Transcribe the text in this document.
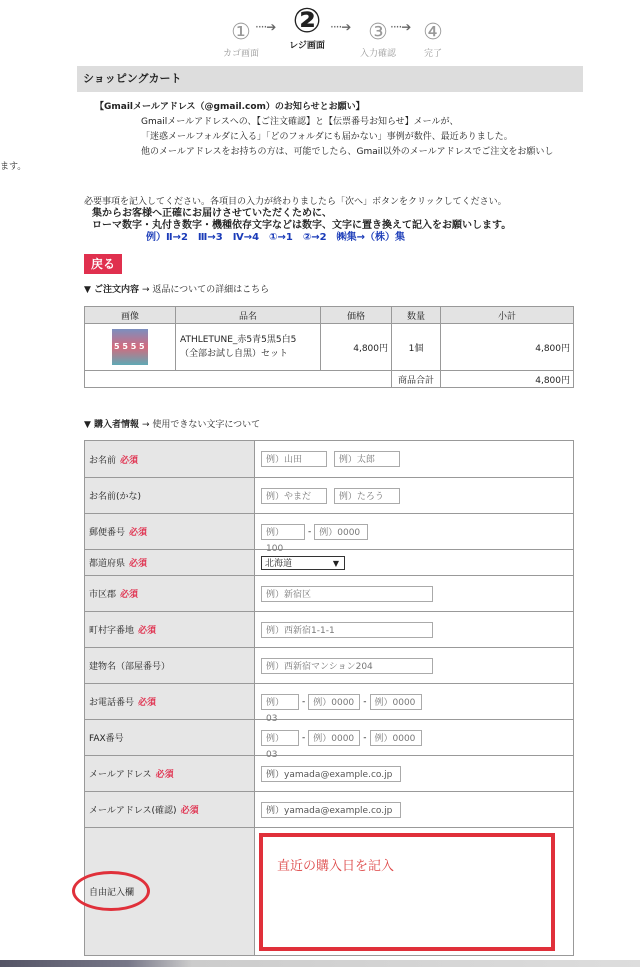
①
カゴ画面
····➔ ②
レジ画面
····➔ ③
入力確認
····➔ ④
完了
ショッピングカート
【Gmailメールアドレス（@gmail.com）のお知らせとお願い】
Gmailメールアドレスへの、【ご注文確認】と【伝票番号お知らせ】メールが、
「迷惑メールフォルダに入る」「どのフォルダにも届かない」事例が数件、最近ありました。
他のメールアドレスをお持ちの方は、可能でしたら、Gmail以外のメールアドレスでご注文をお願いし
ます。
必要事項を記入してください。各項目の入力が終わりましたら「次へ」ボタンをクリックしてください。
集からお客様へ正確にお届けさせていただくために、
ローマ数字・丸付き数字・機種依存文字などは数字、文字に置き換えて記入をお願いします。
例）Ⅱ→2　Ⅲ→3　Ⅳ→4　①→1　②→2　㈱集→（株）集
戻る
▼ ご注文内容 → 返品についての詳細はこちら
画像	品名	価格	数量	小計

5 5 5 5	ATHLETUNE_赤5青5黒5白5
（全部お試し自黒）セット	4,800円	1個	4,800円
			商品合計	4,800円
▼ 購入者情報 → 使用できない文字について
お名前 必須	例）山田 例）太郎
お名前(かな)	例）やまだ 例）たろう
郵便番号 必須	例）100- 例）0000
都道府県 必須	北海道 ▼

市区郡 必須	例）新宿区
町村字番地 必須	例）西新宿1-1-1
建物名（部屋番号）	例）西新宿マンション204
お電話番号 必須	例）03- 例）0000 - 例）0000
FAX番号	例）03- 例）0000 - 例）0000
メールアドレス 必須	例）yamada@example.co.jp
メールアドレス(確認) 必須	例）yamada@example.co.jp
自由記入欄	直近の購入日を記入
